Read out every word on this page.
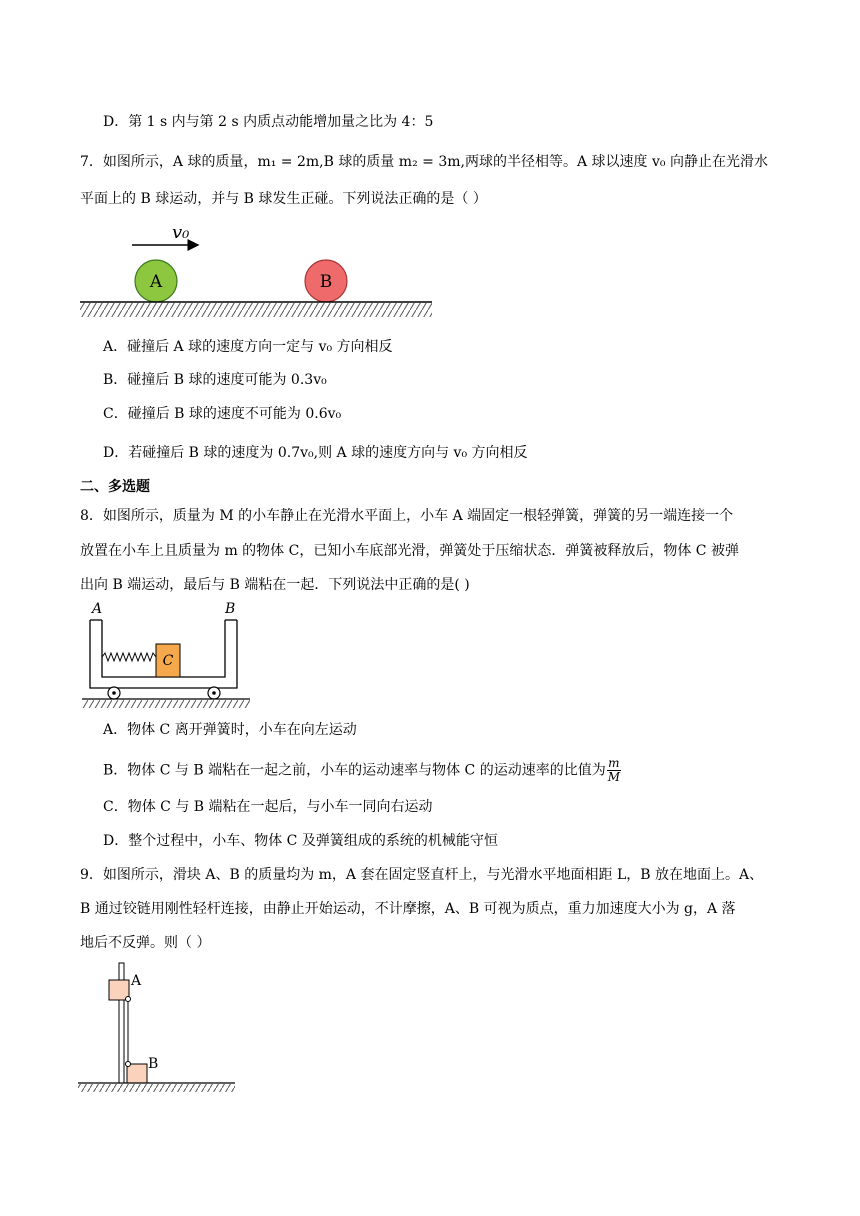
D．第 1 s 内与第 2 s 内质点动能增加量之比为 4：5
7．如图所示，A 球的质量，m₁ = 2m,B 球的质量 m₂ = 3m,两球的半径相等。A 球以速度 v₀ 向静止在光滑水
平面上的 B 球运动，并与 B 球发生正碰。下列说法正确的是（ ）
v₀
A	B
A．碰撞后 A 球的速度方向一定与 v₀ 方向相反
B．碰撞后 B 球的速度可能为 0.3v₀
C．碰撞后 B 球的速度不可能为 0.6v₀
D．若碰撞后 B 球的速度为 0.7v₀,则 A 球的速度方向与 v₀ 方向相反
二、多选题
8．如图所示，质量为 M 的小车静止在光滑水平面上，小车 A 端固定一根轻弹簧，弹簧的另一端连接一个
放置在小车上且质量为 m 的物体 C，已知小车底部光滑，弹簧处于压缩状态．弹簧被释放后，物体 C 被弹
出向 B 端运动，最后与 B 端粘在一起．下列说法中正确的是( )
A	B
C
A．物体 C 离开弹簧时，小车在向左运动
B．物体 C 与 B 端粘在一起之前，小车的运动速率与物体 C 的运动速率的比值为 $\frac{m}{M}$
C．物体 C 与 B 端粘在一起后，与小车一同向右运动
D．整个过程中，小车、物体 C 及弹簧组成的系统的机械能守恒
9．如图所示，滑块 A、B 的质量均为 m，A 套在固定竖直杆上，与光滑水平地面相距 L，B 放在地面上。A、
B 通过铰链用刚性轻杆连接，由静止开始运动，不计摩擦，A、B 可视为质点，重力加速度大小为 g，A 落
地后不反弹。则（ ）
A
B
